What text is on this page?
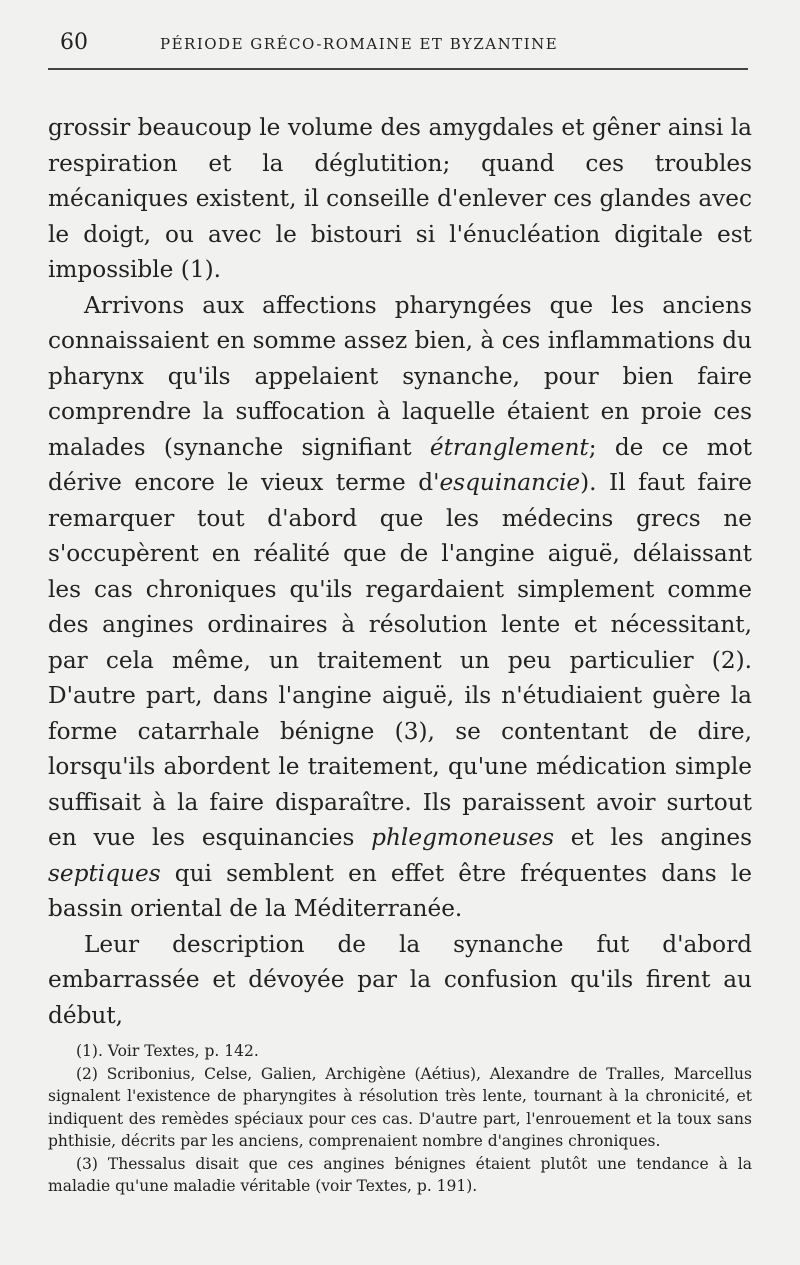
60	PÉRIODE GRÉCO-ROMAINE ET BYZANTINE

grossir beaucoup le volume des amygdales et gêner ainsi la respiration et la déglutition; quand ces troubles mécaniques existent, il conseille d'enlever ces glandes avec le doigt, ou avec le bistouri si l'énucléation digitale est impossible (1).

Arrivons aux affections pharyngées que les anciens connaissaient en somme assez bien, à ces inflammations du pharynx qu'ils appelaient synanche, pour bien faire comprendre la suffocation à laquelle étaient en proie ces malades (synanche signifiant étranglement; de ce mot dérive encore le vieux terme d'esquinancie). Il faut faire remarquer tout d'abord que les médecins grecs ne s'occupèrent en réalité que de l'angine aiguë, délaissant les cas chroniques qu'ils regardaient simplement comme des angines ordinaires à résolution lente et nécessitant, par cela même, un traitement un peu particulier (2). D'autre part, dans l'angine aiguë, ils n'étudiaient guère la forme catarrhale bénigne (3), se contentant de dire, lorsqu'ils abordent le traitement, qu'une médication simple suffisait à la faire disparaître. Ils paraissent avoir surtout en vue les esquinancies phlegmoneuses et les angines septiques qui semblent en effet être fréquentes dans le bassin oriental de la Méditerranée.

Leur description de la synanche fut d'abord embarrassée et dévoyée par la confusion qu'ils firent au début,

(1). Voir Textes, p. 142.

(2) Scribonius, Celse, Galien, Archigène (Aétius), Alexandre de Tralles, Marcellus signalent l'existence de pharyngites à résolution très lente, tournant à la chronicité, et indiquent des remèdes spéciaux pour ces cas. D'autre part, l'enrouement et la toux sans phthisie, décrits par les anciens, comprenaient nombre d'angines chroniques.

(3) Thessalus disait que ces angines bénignes étaient plutôt une tendance à la maladie qu'une maladie véritable (voir Textes, p. 191).
